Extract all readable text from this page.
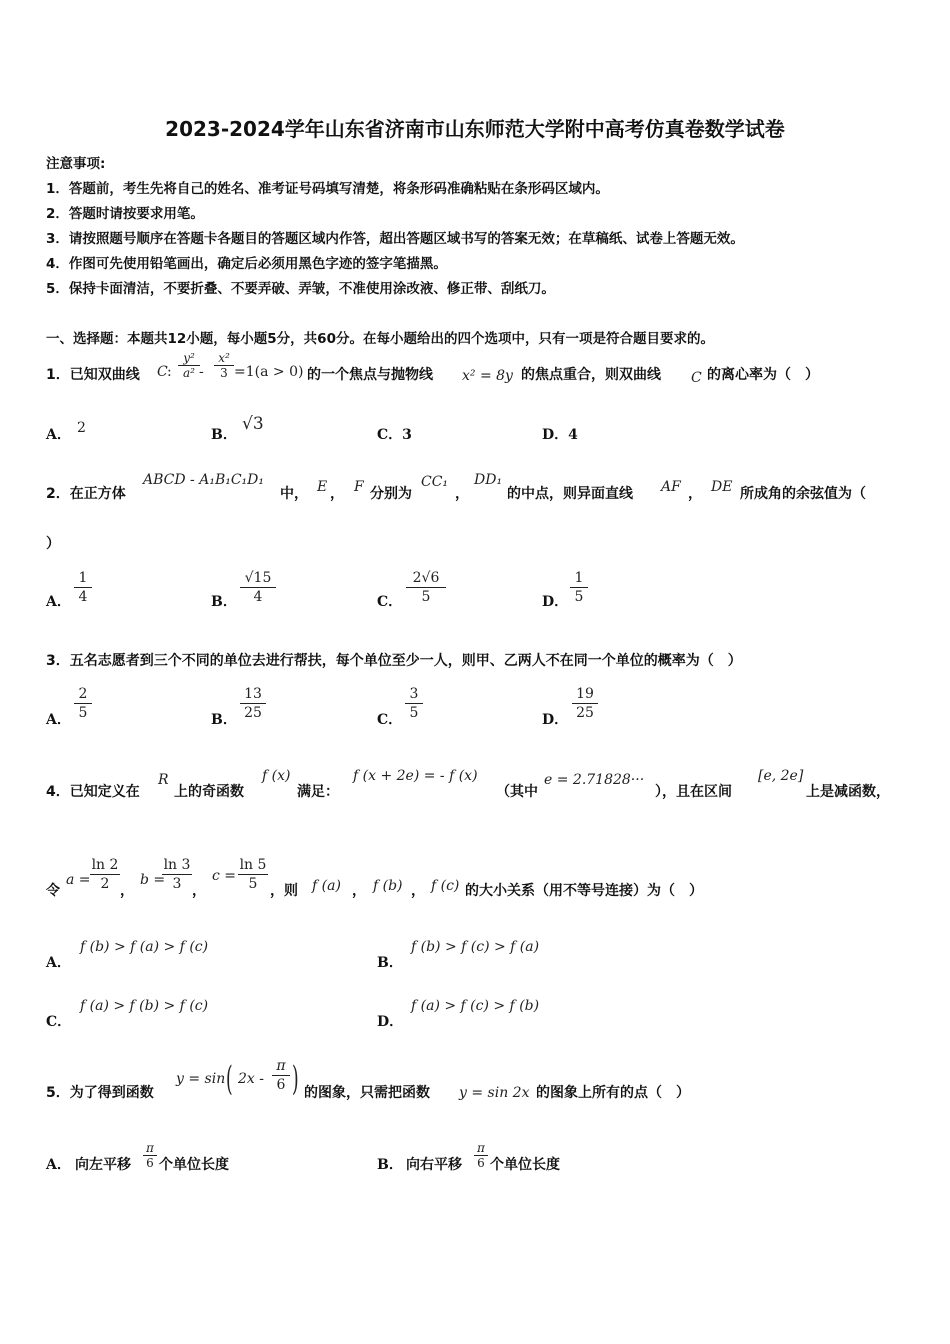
2023-2024学年山东省济南市山东师范大学附中高考仿真卷数学试卷
注意事项:
1．答题前，考生先将自己的姓名、准考证号码填写清楚，将条形码准确粘贴在条形码区域内。
2．答题时请按要求用笔。
3．请按照题号顺序在答题卡各题目的答题区域内作答，超出答题区域书写的答案无效；在草稿纸、试卷上答题无效。
4．作图可先使用铅笔画出，确定后必须用黑色字迹的签字笔描黑。
5．保持卡面清洁，不要折叠、不要弄破、弄皱，不准使用涂改液、修正带、刮纸刀。
一、选择题：本题共12小题，每小题5分，共60分。在每小题给出的四个选项中，只有一项是符合题目要求的。
1．已知双曲线 C :
y²
a² -
x²
3 =1(a > 0) 的一个焦点与抛物线 x² = 8y 的焦点重合，则双曲线 C 的离心率为（　）
A． 2	B．
√3
C．3	D．4
2．在正方体
ABCD - A₁B₁C₁D₁
中， E ， F 分别为
CC₁
，
DD₁
的中点，则异面直线 AF ， DE 所成角的余弦值为（
）
A．
1
4	B．
√15
4	C．
2√6
5	D．
1
5
3．五名志愿者到三个不同的单位去进行帮扶，每个单位至少一人，则甲、乙两人不在同一个单位的概率为（　）
A．
2
5	B．
13
25	C．
3
5	D．
19
25
4．已知定义在
R
上的奇函数
f (x)
满足：
f (x + 2e) = - f (x)
（其中
e = 2.71828···
），且在区间
[e, 2e]
上是减函数，
令
a =
ln 2
2 ，
b =
ln 3
3 ，
c =
ln 5
5 ，则 f (a) ， f (b) ， f (c) 的大小关系（用不等号连接）为（　）
A．
f (b) > f (a) > f (c)
B．
f (b) > f (c) > f (a)
C．
f (a) > f (b) > f (c)
D．
f (a) > f (c) > f (b)
5．为了得到函数
y = sin ( 2x -
π
6 ) 的图象，只需把函数 y = sin 2x 的图象上所有的点（　）
A． 向左平移
π
6 个单位长度	B． 向右平移
π
6 个单位长度
